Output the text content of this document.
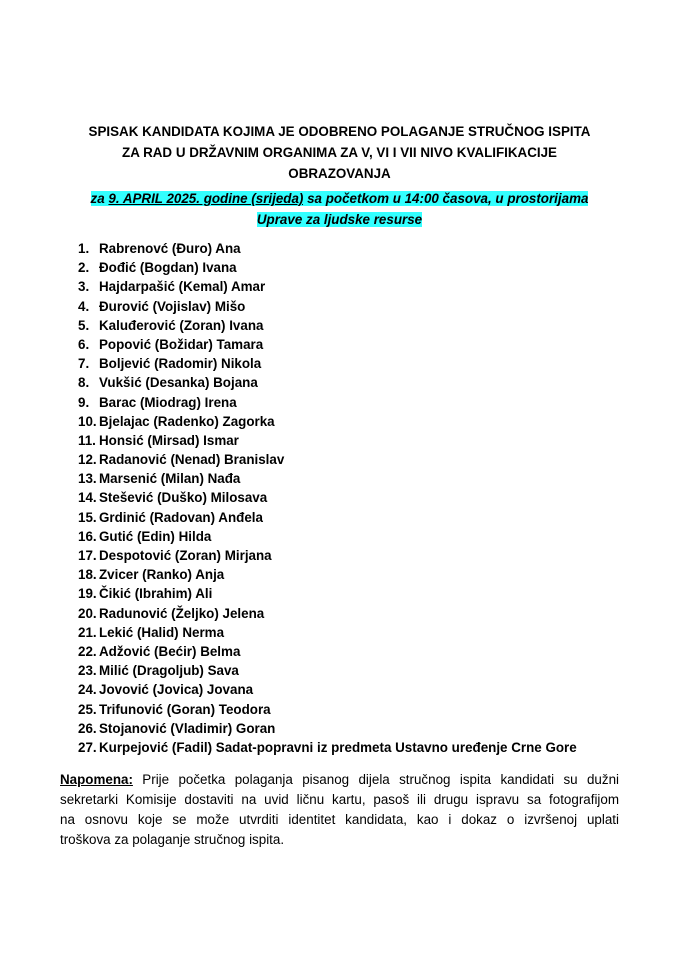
SPISAK KANDIDATA KOJIMA JE ODOBRENO POLAGANJE STRUČNOG ISPITA
ZA RAD U DRŽAVNIM ORGANIMA ZA V, VI I VII NIVO KVALIFIKACIJE
OBRAZOVANJA
za 9. APRIL 2025. godine (srijeda) sa početkom u 14:00 časova, u prostorijama
Uprave za ljudske resurse
1. Rabrenovć (Đuro) Ana
2. Đođić (Bogdan) Ivana
3. Hajdarpašić (Kemal) Amar
4. Đurović (Vojislav) Mišo
5. Kaluđerović (Zoran) Ivana
6. Popović (Božidar) Tamara
7. Boljević (Radomir) Nikola
8. Vukšić (Desanka) Bojana
9. Barac (Miodrag) Irena
10. Bjelajac (Radenko) Zagorka
11. Honsić (Mirsad) Ismar
12. Radanović (Nenad) Branislav
13. Marsenić (Milan) Nađa
14. Stešević (Duško) Milosava
15. Grdinić (Radovan) Anđela
16. Gutić (Edin) Hilda
17. Despotović (Zoran) Mirjana
18. Zvicer (Ranko) Anja
19. Čikić (Ibrahim) Ali
20. Radunović (Željko) Jelena
21. Lekić (Halid) Nerma
22. Adžović (Bećir) Belma
23. Milić (Dragoljub) Sava
24. Jovović (Jovica) Jovana
25. Trifunović (Goran) Teodora
26. Stojanović (Vladimir) Goran
27. Kurpejović (Fadil) Sadat-popravni iz predmeta Ustavno uređenje Crne Gore
Napomena: Prije početka polaganja pisanog dijela stručnog ispita kandidati su dužni
sekretarki Komisije dostaviti na uvid ličnu kartu, pasoš ili drugu ispravu sa fotografijom
na osnovu koje se može utvrditi identitet kandidata, kao i dokaz o izvršenoj uplati
troškova za polaganje stručnog ispita.
